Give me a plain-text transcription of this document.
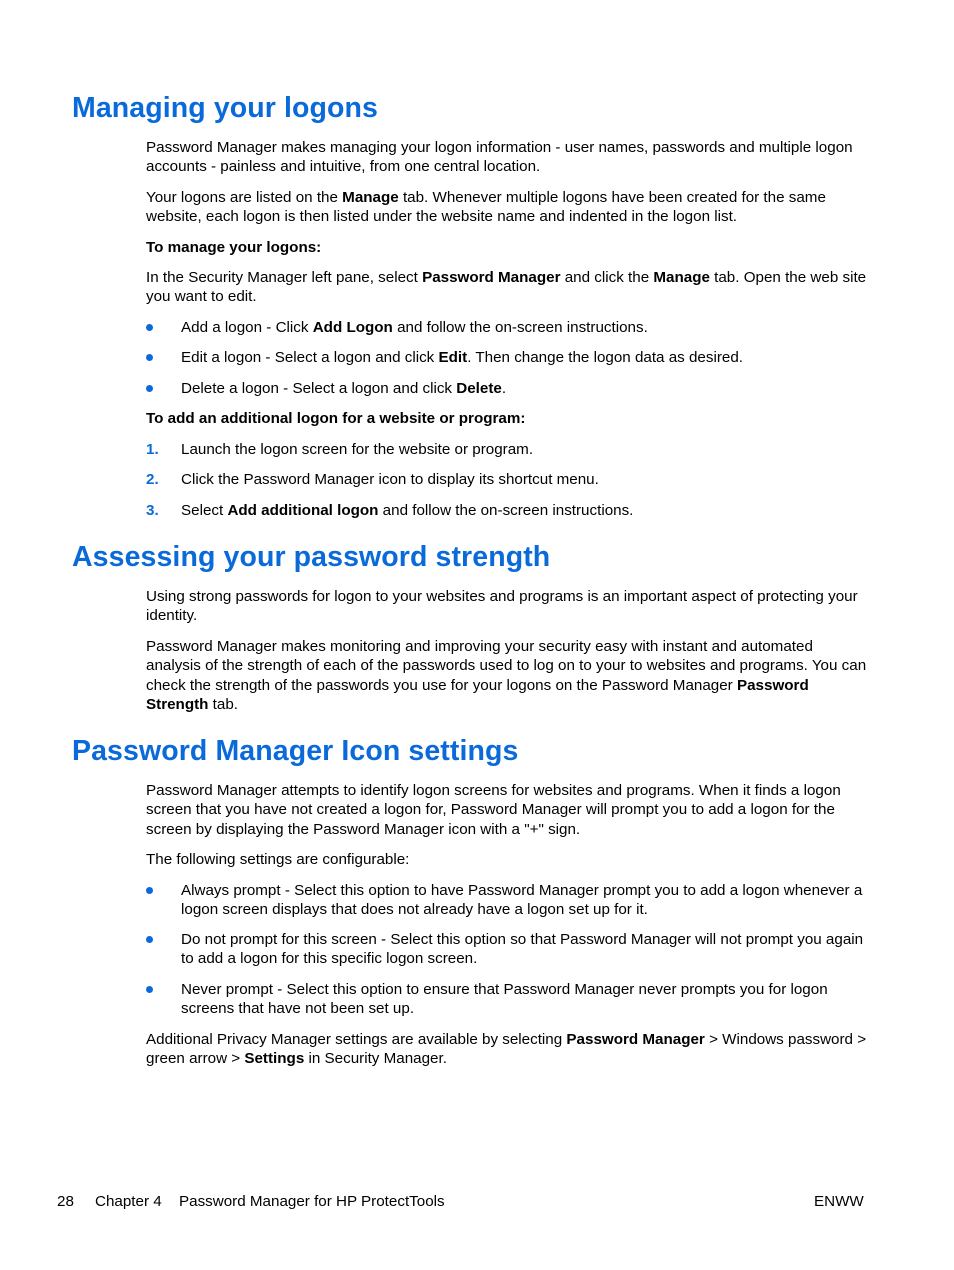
Managing your logons

Password Manager makes managing your logon information - user names, passwords and multiple logon accounts - painless and intuitive, from one central location.

Your logons are listed on the Manage tab. Whenever multiple logons have been created for the same website, each logon is then listed under the website name and indented in the logon list.

To manage your logons:

In the Security Manager left pane, select Password Manager and click the Manage tab. Open the web site you want to edit.

Add a logon - Click Add Logon and follow the on-screen instructions.
Edit a logon - Select a logon and click Edit. Then change the logon data as desired.
Delete a logon - Select a logon and click Delete.

To add an additional logon for a website or program:

1. Launch the logon screen for the website or program.
2. Click the Password Manager icon to display its shortcut menu.
3. Select Add additional logon and follow the on-screen instructions.
Assessing your password strength

Using strong passwords for logon to your websites and programs is an important aspect of protecting your identity.

Password Manager makes monitoring and improving your security easy with instant and automated analysis of the strength of each of the passwords used to log on to your to websites and programs. You can check the strength of the passwords you use for your logons on the Password Manager Password Strength tab.

Password Manager Icon settings

Password Manager attempts to identify logon screens for websites and programs. When it finds a logon screen that you have not created a logon for, Password Manager will prompt you to add a logon for the screen by displaying the Password Manager icon with a "+" sign.

The following settings are configurable:

Always prompt - Select this option to have Password Manager prompt you to add a logon whenever a logon screen displays that does not already have a logon set up for it.
Do not prompt for this screen - Select this option so that Password Manager will not prompt you again to add a logon for this specific logon screen.
Never prompt - Select this option to ensure that Password Manager never prompts you for logon screens that have not been set up.

Additional Privacy Manager settings are available by selecting Password Manager > Windows password > green arrow > Settings in Security Manager.

28 Chapter 4 Password Manager for HP ProtectTools	ENWW
